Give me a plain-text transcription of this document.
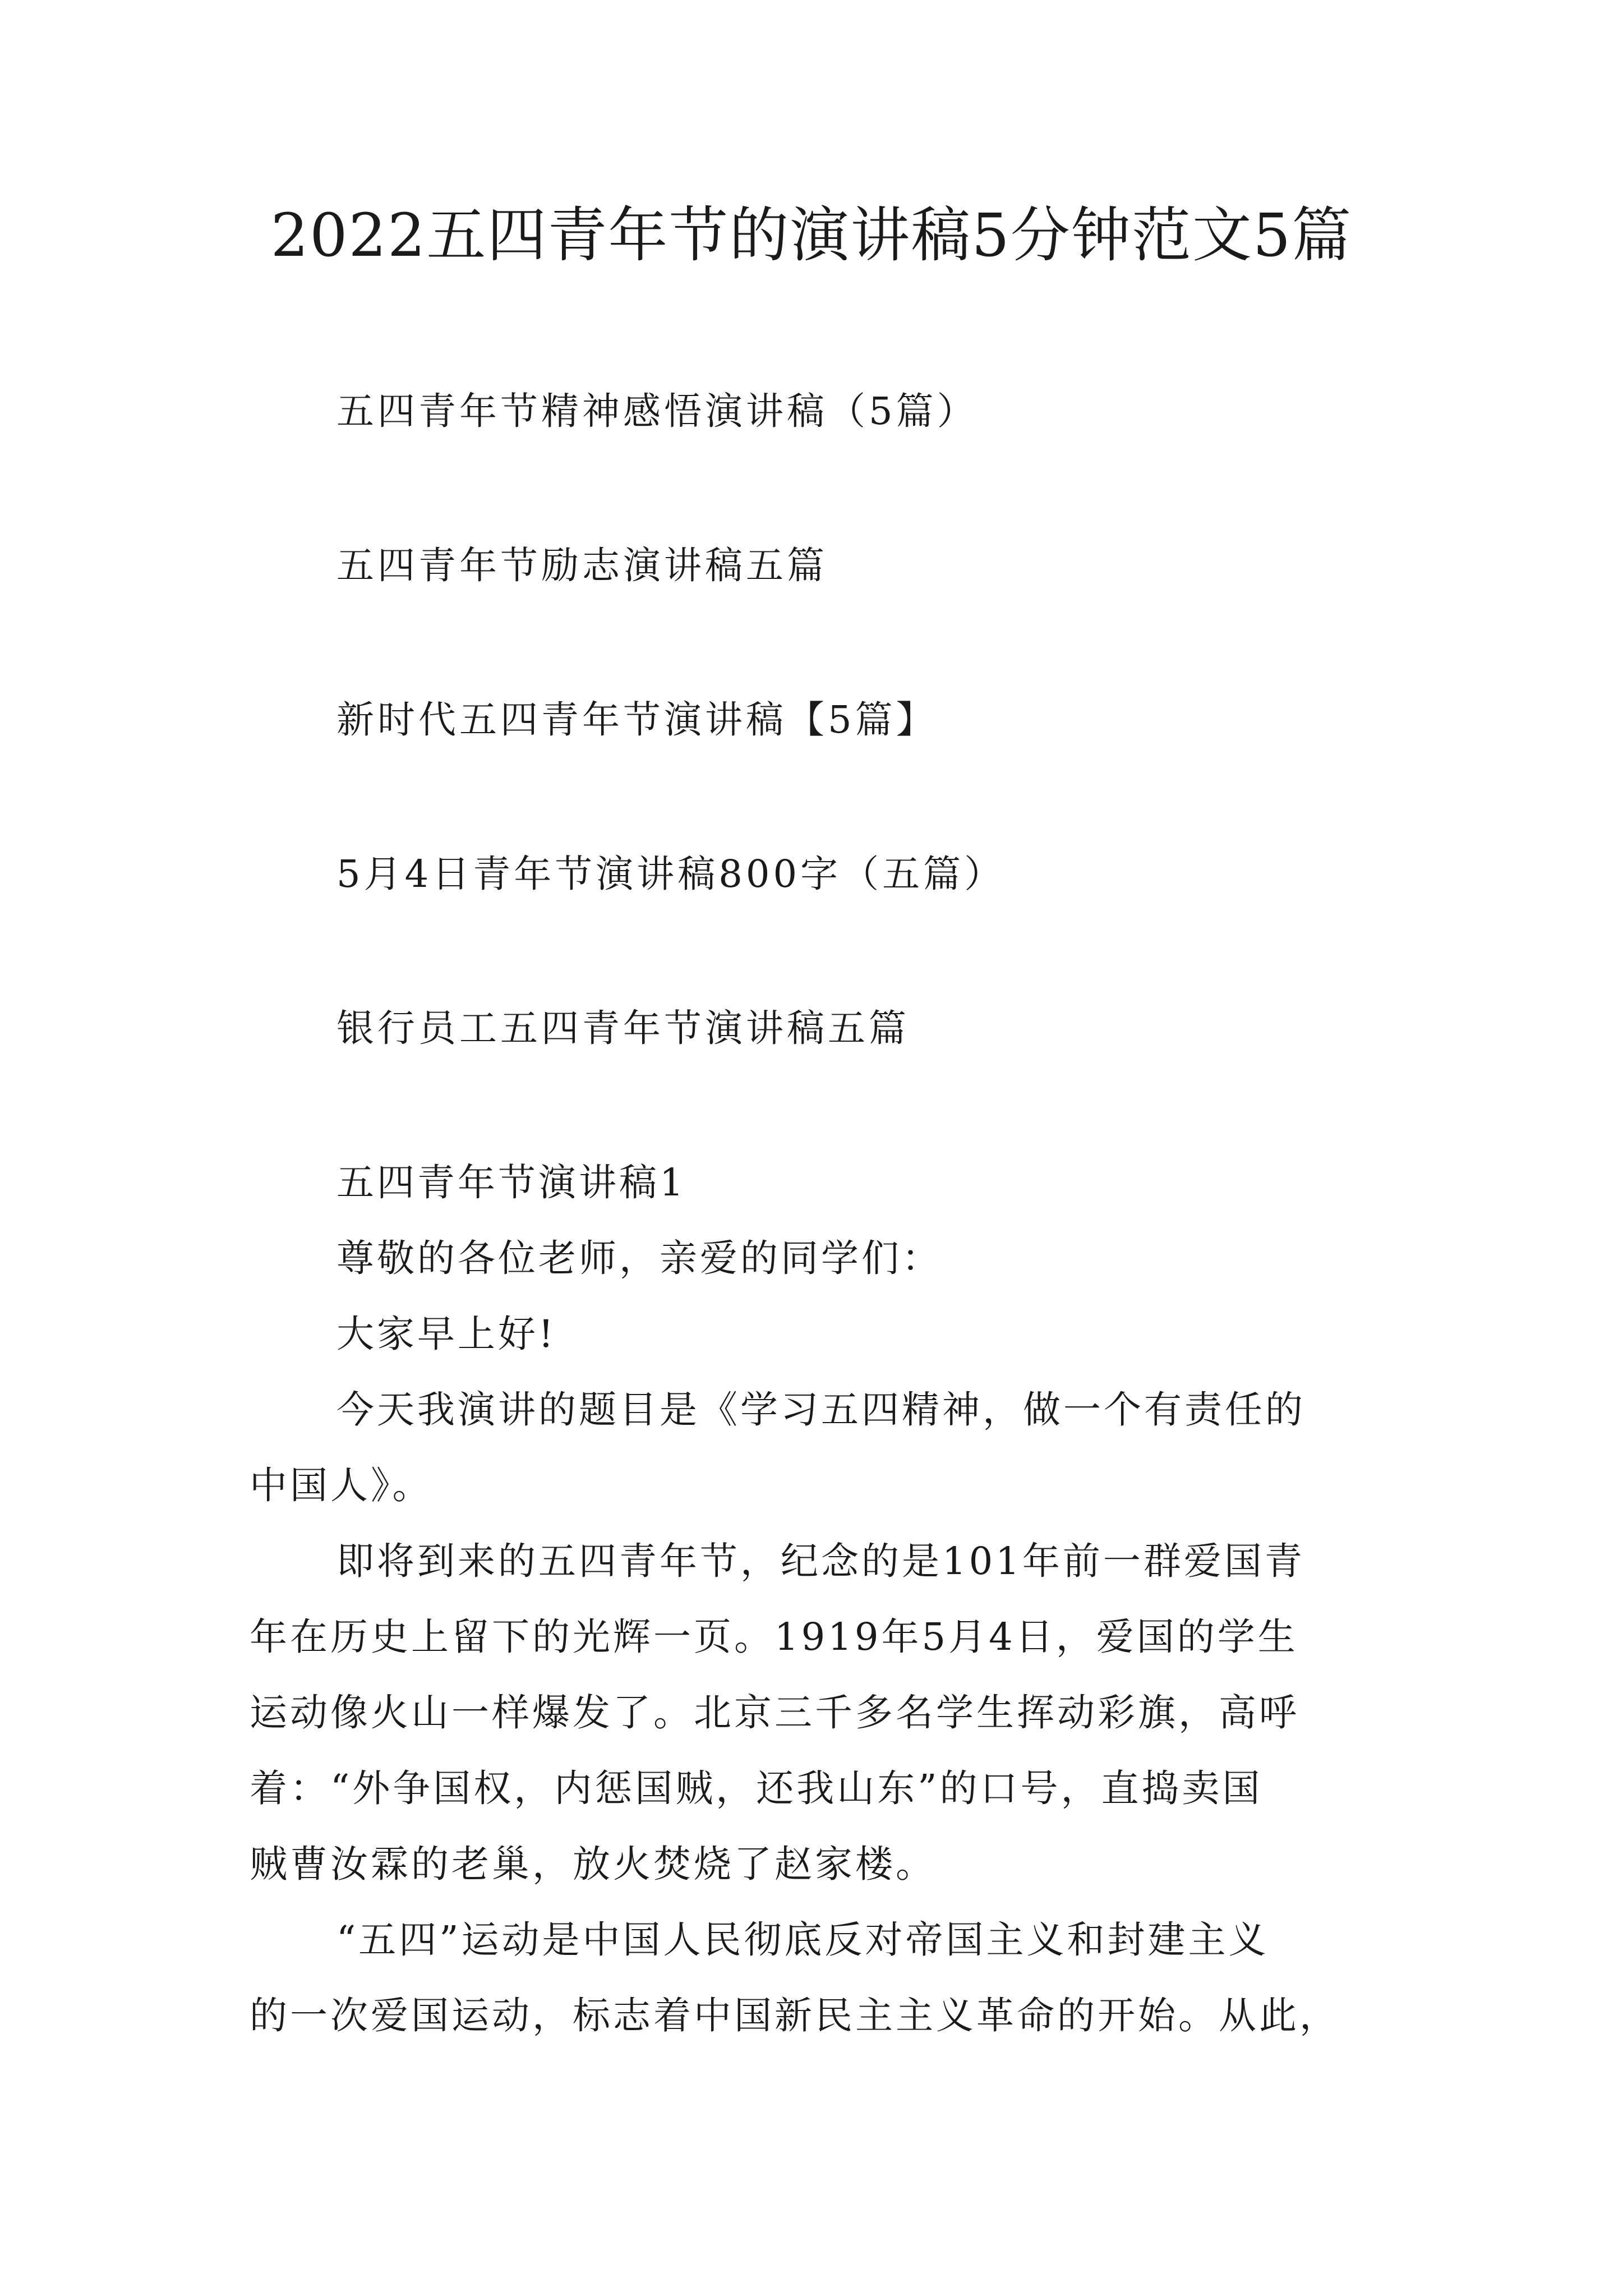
2022五四青年节的演讲稿5分钟范文5篇
五四青年节精神感悟演讲稿（5篇）
五四青年节励志演讲稿五篇
新时代五四青年节演讲稿【5篇】
5月4日青年节演讲稿800字（五篇）
银行员工五四青年节演讲稿五篇
五四青年节演讲稿1
尊敬的各位老师，亲爱的同学们：
大家早上好!
今天我演讲的题目是《学习五四精神，做一个有责任的
中国人》。
即将到来的五四青年节，纪念的是101年前一群爱国青
年在历史上留下的光辉一页。1919年5月4日，爱国的学生
运动像火山一样爆发了。北京三千多名学生挥动彩旗，高呼
着：“外争国权，内惩国贼，还我山东”的口号，直捣卖国
贼曹汝霖的老巢，放火焚烧了赵家楼。
“五四”运动是中国人民彻底反对帝国主义和封建主义
的一次爱国运动，标志着中国新民主主义革命的开始。从此，
